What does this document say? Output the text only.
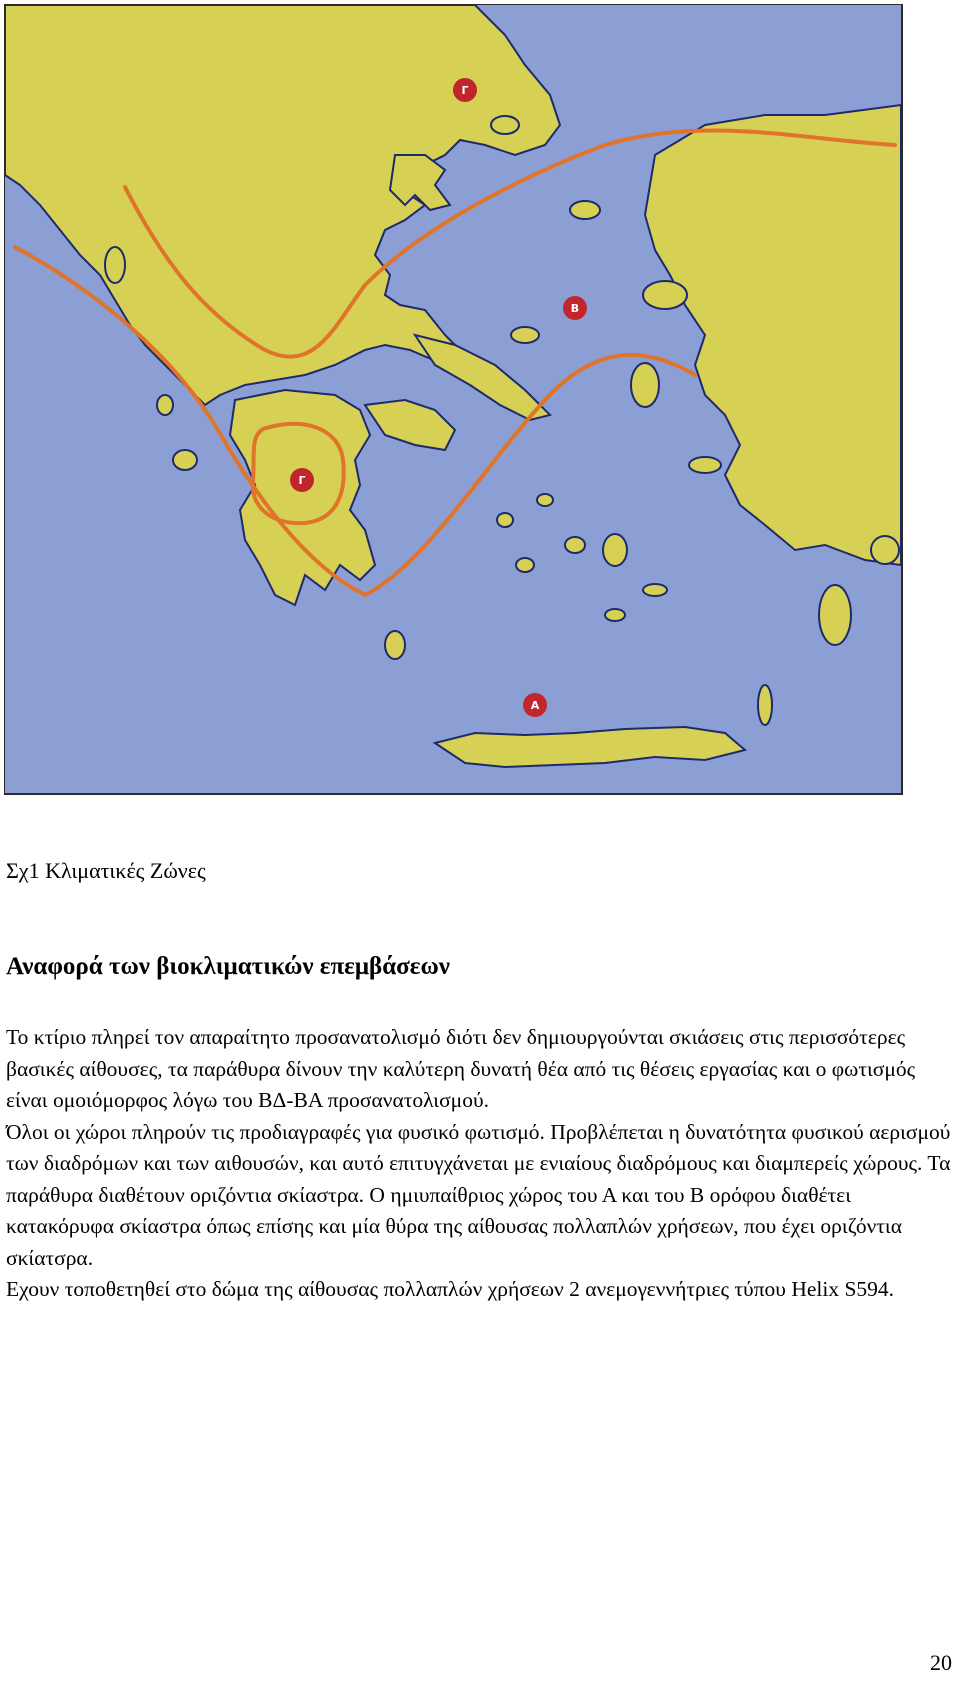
Γ
Β
Γ
Α
Σχ1 Κλιματικές Ζώνες
Αναφορά των βιοκλιματικών επεμβάσεων

Το κτίριο πληρεί τον απαραίτητο προσανατολισμό διότι δεν δημιουργούνται σκιάσεις στις περισσότερες βασικές αίθουσες, τα παράθυρα δίνουν την καλύτερη δυνατή θέα από τις θέσεις εργασίας και ο φωτισμός είναι ομοιόμορφος λόγω του ΒΔ-ΒΑ προσανατολισμού.

Όλοι οι χώροι πληρούν τις προδιαγραφές για φυσικό φωτισμό. Προβλέπεται η δυνατότητα φυσικού αερισμού των διαδρόμων και των αιθουσών, και αυτό επιτυγχάνεται με ενιαίους διαδρόμους και διαμπερείς χώρους. Τα παράθυρα διαθέτουν οριζόντια σκίαστρα. Ο ημιυπαίθριος χώρος του Α και του Β ορόφου διαθέτει κατακόρυφα σκίαστρα όπως επίσης και μία θύρα της αίθουσας πολλαπλών χρήσεων, που έχει οριζόντια σκίατσρα.

Εχουν τοποθετηθεί στο δώμα της αίθουσας πολλαπλών χρήσεων 2 ανεμογεννήτριες τύπου Helix S594.

20
